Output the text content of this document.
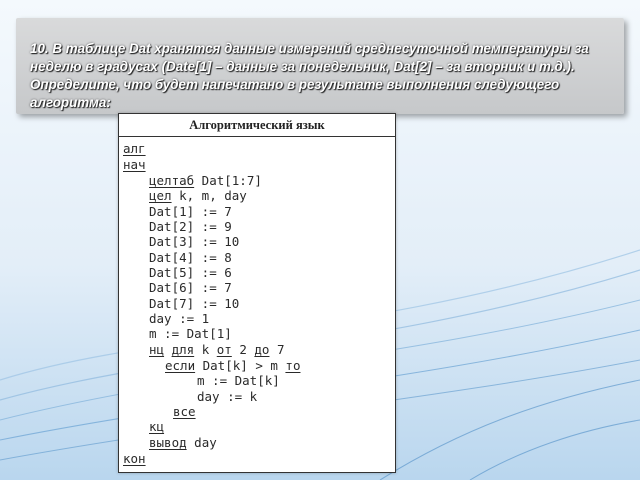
10. В таблице Dat хранятся данные измерений среднесуточной температуры за неделю в градусах (Date[1] – данные за понедельник, Dat[2] – за вторник и т.д.). Определите, что будет напечатано в результате выполнения следующего алгоритма:

Алгоритмический язык
алг
нач
целтаб Dat[1:7]
цел k, m, day
Dat[1] := 7
Dat[2] := 9
Dat[3] := 10
Dat[4] := 8
Dat[5] := 6
Dat[6] := 7
Dat[7] := 10
day := 1
m := Dat[1]
нц для k от 2 до 7
если Dat[k] > m то
m := Dat[k]
day := k
все
кц
вывод day
кон
